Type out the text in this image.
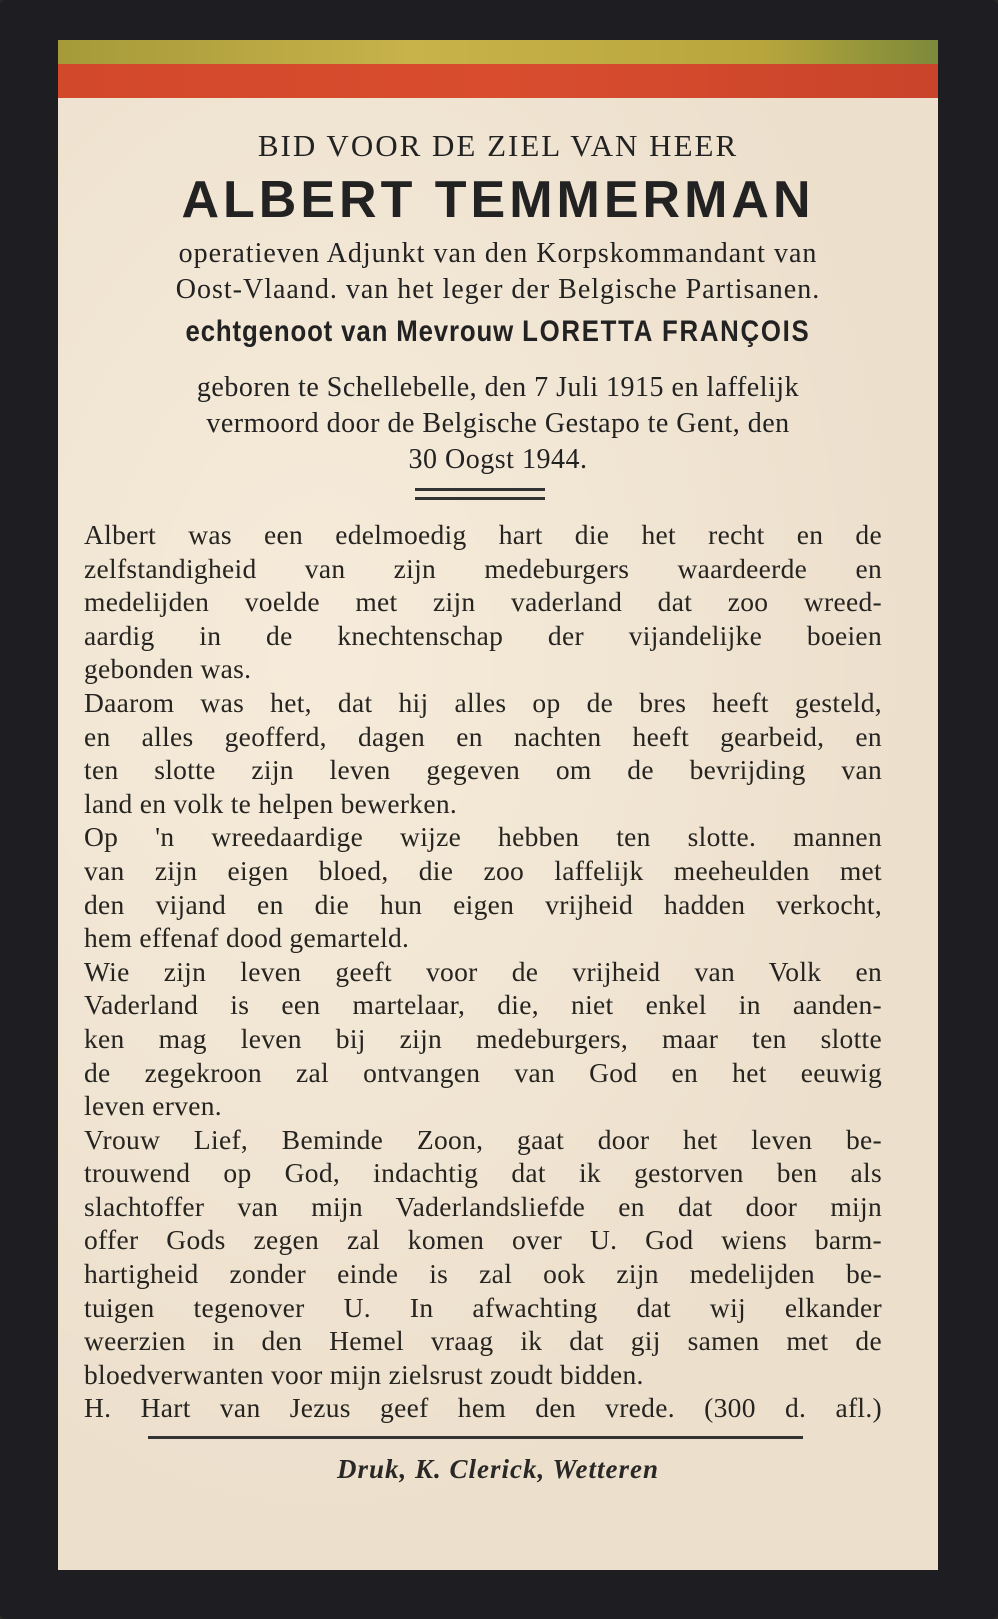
BID VOOR DE ZIEL VAN HEER
ALBERT TEMMERMAN
operatieven Adjunkt van den Korpskommandant van
Oost-Vlaand. van het leger der Belgische Partisanen.
echtgenoot van Mevrouw LORETTA FRANÇOIS
geboren te Schellebelle, den 7 Juli 1915 en laffelijk
vermoord door de Belgische Gestapo te Gent, den
30 Oogst 1944.
Albert was een edelmoedig hart die het recht en de
zelfstandigheid van zijn medeburgers waardeerde en
medelijden voelde met zijn vaderland dat zoo wreed-
aardig in de knechtenschap der vijandelijke boeien
gebonden was.
Daarom was het, dat hij alles op de bres heeft gesteld,
en alles geofferd, dagen en nachten heeft gearbeid, en
ten slotte zijn leven gegeven om de bevrijding van
land en volk te helpen bewerken.
Op 'n wreedaardige wijze hebben ten slotte. mannen
van zijn eigen bloed, die zoo laffelijk meeheulden met
den vijand en die hun eigen vrijheid hadden verkocht,
hem effenaf dood gemarteld.
Wie zijn leven geeft voor de vrijheid van Volk en
Vaderland is een martelaar, die, niet enkel in aanden-
ken mag leven bij zijn medeburgers, maar ten slotte
de zegekroon zal ontvangen van God en het eeuwig
leven erven.
Vrouw Lief, Beminde Zoon, gaat door het leven be-
trouwend op God, indachtig dat ik gestorven ben als
slachtoffer van mijn Vaderlandsliefde en dat door mijn
offer Gods zegen zal komen over U. God wiens barm-
hartigheid zonder einde is zal ook zijn medelijden be-
tuigen tegenover U. In afwachting dat wij elkander
weerzien in den Hemel vraag ik dat gij samen met de
bloedverwanten voor mijn zielsrust zoudt bidden.
H. Hart van Jezus geef hem den vrede. (300 d. afl.)
Druk, K. Clerick, Wetteren
